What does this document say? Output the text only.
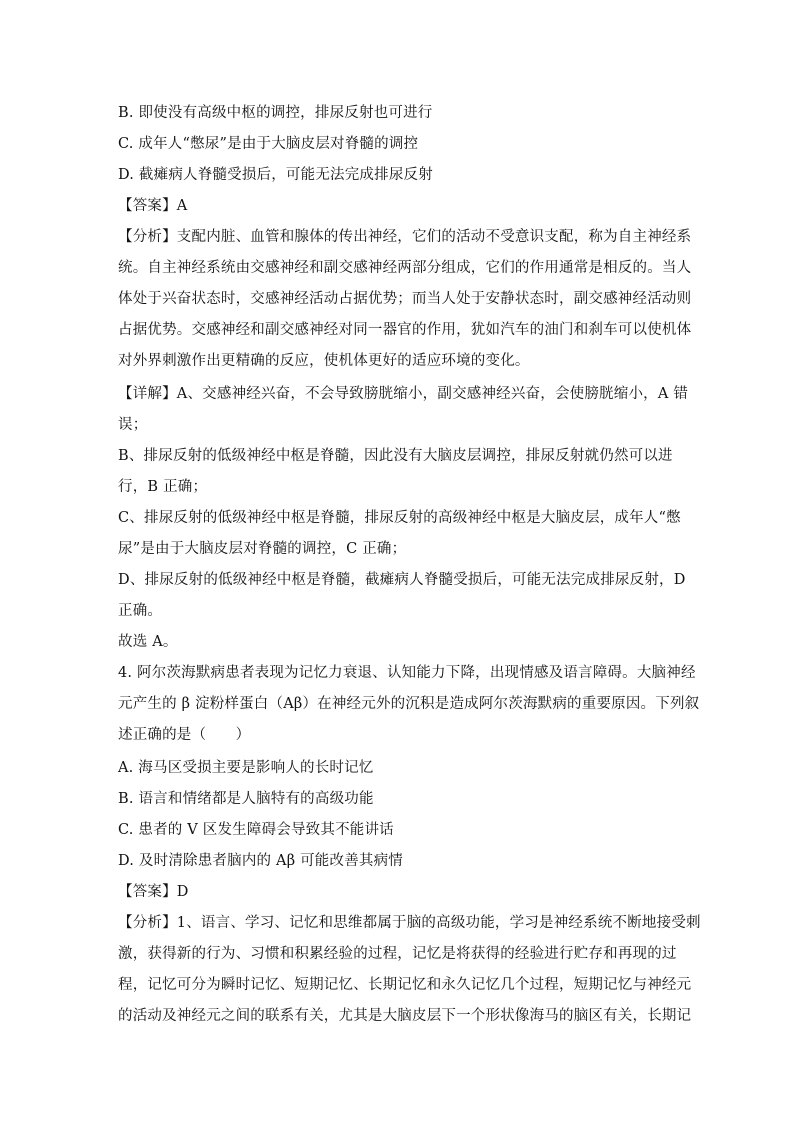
B. 即使没有高级中枢的调控，排尿反射也可进行
C. 成年人“憋尿”是由于大脑皮层对脊髓的调控
D. 截瘫病人脊髓受损后，可能无法完成排尿反射
【答案】A
【分析】支配内脏、血管和腺体的传出神经，它们的活动不受意识支配，称为自主神经系
统。自主神经系统由交感神经和副交感神经两部分组成，它们的作用通常是相反的。当人
体处于兴奋状态时，交感神经活动占据优势；而当人处于安静状态时，副交感神经活动则
占据优势。交感神经和副交感神经对同一器官的作用，犹如汽车的油门和刹车可以使机体
对外界刺激作出更精确的反应，使机体更好的适应环境的变化。
【详解】A、交感神经兴奋，不会导致膀胱缩小，副交感神经兴奋，会使膀胱缩小，A 错
误；
B、排尿反射的低级神经中枢是脊髓，因此没有大脑皮层调控，排尿反射就仍然可以进
行，B 正确；
C、排尿反射的低级神经中枢是脊髓，排尿反射的高级神经中枢是大脑皮层，成年人“憋
尿”是由于大脑皮层对脊髓的调控，C 正确；
D、排尿反射的低级神经中枢是脊髓，截瘫病人脊髓受损后，可能无法完成排尿反射，D
正确。
故选 A。
4. 阿尔茨海默病患者表现为记忆力衰退、认知能力下降，出现情感及语言障碍。大脑神经
元产生的 β 淀粉样蛋白（Aβ）在神经元外的沉积是造成阿尔茨海默病的重要原因。下列叙
述正确的是（　　）
A. 海马区受损主要是影响人的长时记忆
B. 语言和情绪都是人脑特有的高级功能
C. 患者的 V 区发生障碍会导致其不能讲话
D. 及时清除患者脑内的 Aβ 可能改善其病情
【答案】D
【分析】1、语言、学习、记忆和思维都属于脑的高级功能，学习是神经系统不断地接受刺
激，获得新的行为、习惯和积累经验的过程，记忆是将获得的经验进行贮存和再现的过
程，记忆可分为瞬时记忆、短期记忆、长期记忆和永久记忆几个过程，短期记忆与神经元
的活动及神经元之间的联系有关，尤其是大脑皮层下一个形状像海马的脑区有关，长期记
